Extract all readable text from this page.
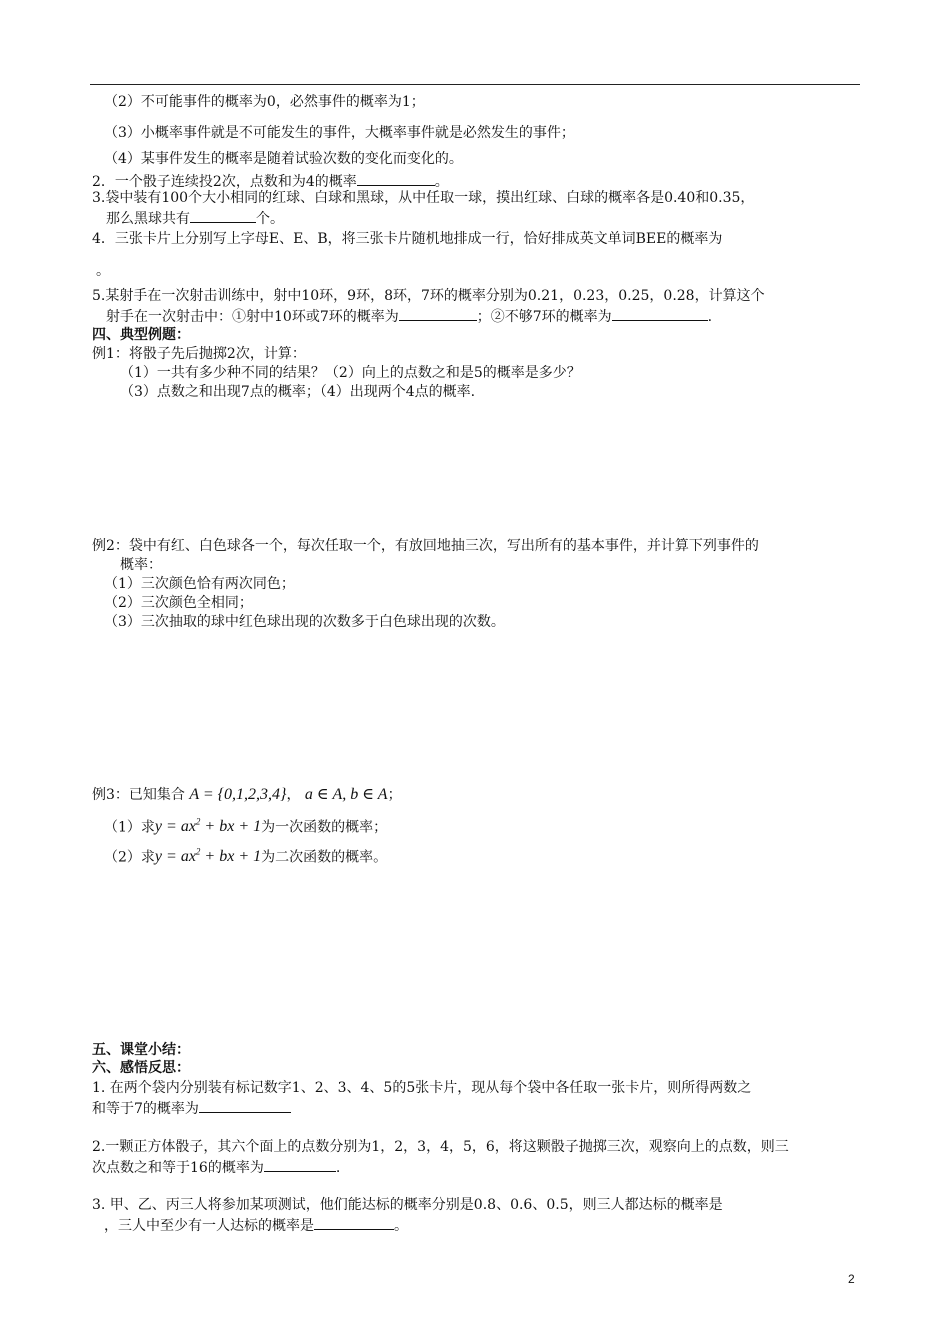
（2）不可能事件的概率为0，必然事件的概率为1；
（3）小概率事件就是不可能发生的事件，大概率事件就是必然发生的事件；
（4）某事件发生的概率是随着试验次数的变化而变化的。
2．一个骰子连续投2次，点数和为4的概率	。
3.袋中装有100个大小相同的红球、白球和黑球，从中任取一球，摸出红球、白球的概率各是0.40和0.35，
那么黑球共有	个。
4．三张卡片上分别写上字母E、E、B，将三张卡片随机地排成一行，恰好排成英文单词BEE的概率为
。
5.某射手在一次射击训练中，射中10环，9环，8环，7环的概率分别为0.21，0.23，0.25，0.28，计算这个
射手在一次射击中：①射中10环或7环的概率为	；②不够7环的概率为	.
四、典型例题：
例1：将骰子先后抛掷2次，计算：
（1）一共有多少种不同的结果？（2）向上的点数之和是5的概率是多少？
（3）点数之和出现7点的概率；（4）出现两个4点的概率.
例2：袋中有红、白色球各一个，每次任取一个，有放回地抽三次，写出所有的基本事件，并计算下列事件的
概率：
（1）三次颜色恰有两次同色；
（2）三次颜色全相同；
（3）三次抽取的球中红色球出现的次数多于白色球出现的次数。
例3：已知集合 A = {0,1,2,3,4}， a ∈ A, b ∈ A；
（1）求$y = ax^2$ + bx + 1为一次函数的概率；
（2）求$y = ax^2$ + bx + 1为二次函数的概率。
五、课堂小结：
六、感悟反思：
1. 在两个袋内分别装有标记数字1、2、3、4、5的5张卡片，现从每个袋中各任取一张卡片，则所得两数之
和等于7的概率为
2.一颗正方体骰子，其六个面上的点数分别为1，2，3，4，5，6，将这颗骰子抛掷三次，观察向上的点数，则三
次点数之和等于16的概率为	.
3. 甲、乙、丙三人将参加某项测试，他们能达标的概率分别是0.8、0.6、0.5，则三人都达标的概率是
，三人中至少有一人达标的概率是	。
2
